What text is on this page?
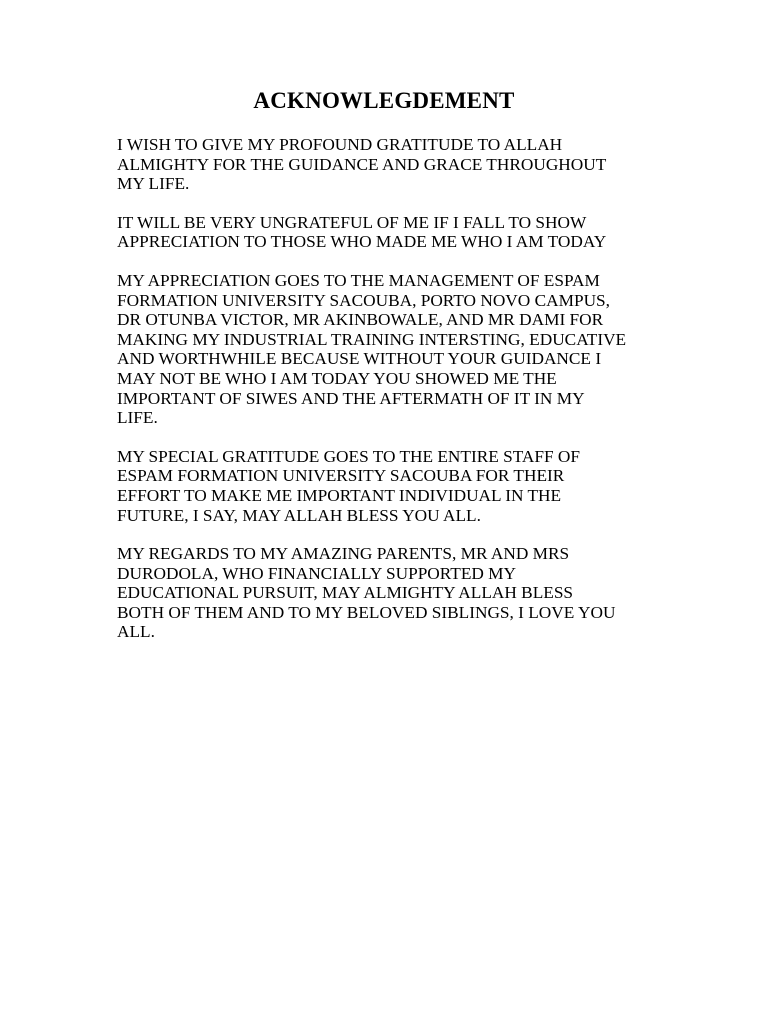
ACKNOWLEGDEMENT

I WISH TO GIVE MY PROFOUND GRATITUDE TO ALLAH
ALMIGHTY FOR THE GUIDANCE AND GRACE THROUGHOUT
MY LIFE.

IT WILL BE VERY UNGRATEFUL OF ME IF I FALL TO SHOW
APPRECIATION TO THOSE WHO MADE ME WHO I AM TODAY

MY APPRECIATION GOES TO THE MANAGEMENT OF ESPAM
FORMATION UNIVERSITY SACOUBA, PORTO NOVO CAMPUS,
DR OTUNBA VICTOR, MR AKINBOWALE, AND MR DAMI FOR
MAKING MY INDUSTRIAL TRAINING INTERSTING, EDUCATIVE
AND WORTHWHILE BECAUSE WITHOUT YOUR GUIDANCE I
MAY NOT BE WHO I AM TODAY YOU SHOWED ME THE
IMPORTANT OF SIWES AND THE AFTERMATH OF IT IN MY
LIFE.

MY SPECIAL GRATITUDE GOES TO THE ENTIRE STAFF OF
ESPAM FORMATION UNIVERSITY SACOUBA FOR THEIR
EFFORT TO MAKE ME IMPORTANT INDIVIDUAL IN THE
FUTURE, I SAY, MAY ALLAH BLESS YOU ALL.

MY REGARDS TO MY AMAZING PARENTS, MR AND MRS
DURODOLA, WHO FINANCIALLY SUPPORTED MY
EDUCATIONAL PURSUIT, MAY ALMIGHTY ALLAH BLESS
BOTH OF THEM AND TO MY BELOVED SIBLINGS, I LOVE YOU
ALL.
